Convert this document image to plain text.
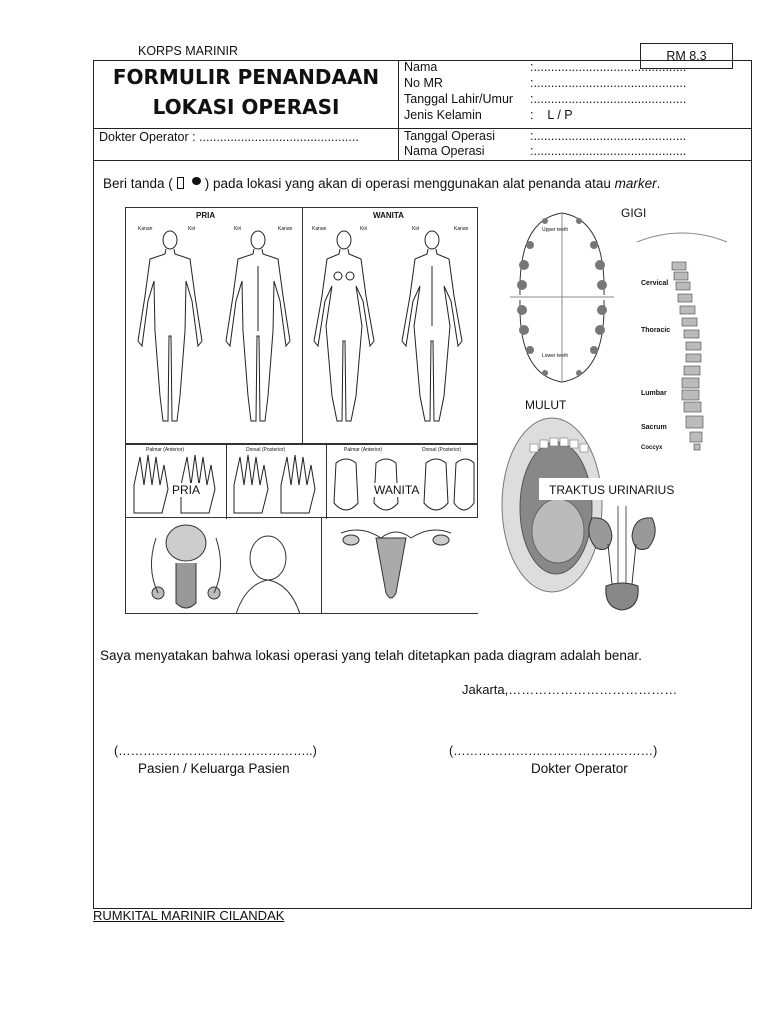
KORPS MARINIR	RM 8.3
FORMULIR PENANDAAN
LOKASI OPERASI
Nama	:............................................
No MR	:............................................
Tanggal Lahir/Umur :............................................
Jenis Kelamin	:    L / P
Dokter Operator : ..............................................	Tanggal Operasi	:............................................
Nama Operasi	:............................................
Beri tanda ( ) pada lokasi yang akan di operasi menggunakan alat penanda atau marker.
PRIA	WANITA
Kanan	Kiri	Kiri	Kanan	Kanan	Kiri	Kiri	Kanan
Palmar (Anterior)	Dorsal (Posterior)	Palmar (Anterior)	Dorsal (Posterior)
PRIA	WANITA
Upper teeth
Lower teeth
GIGI
Cervical
Thoracic
Lumbar
Sacrum
Coccyx
MULUT
TRAKTUS URINARIUS
Saya menyatakan bahwa lokasi operasi yang telah ditetapkan pada diagram adalah benar.
Jakarta,…………………………………
(………………………………………..)
Pasien / Keluarga Pasien
(…………………………………………)
Dokter Operator
RUMKITAL MARINIR CILANDAK
